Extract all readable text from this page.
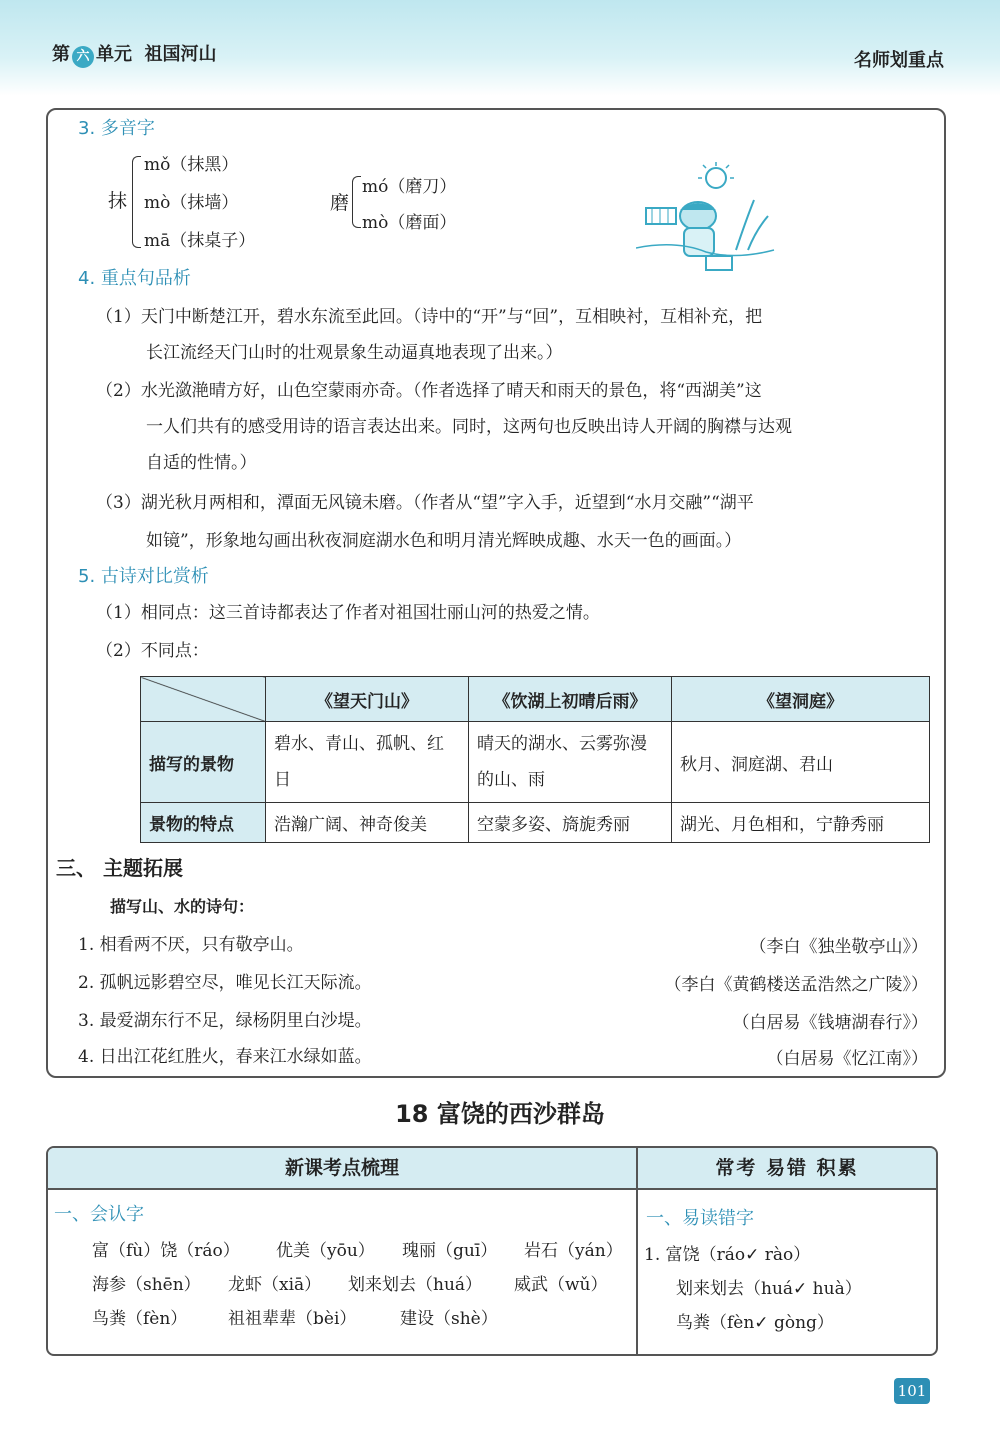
第 六 单元 祖国河山	名师划重点
3. 多音字
抹
mǒ（抹黑）
mò（抹墙）
mā（抹桌子）
磨
mó（磨刀）
mò（磨面）
4. 重点句品析
（1）天门中断楚江开，碧水东流至此回。（诗中的“开”与“回”，互相映衬，互相补充，把
长江流经天门山时的壮观景象生动逼真地表现了出来。）
（2）水光潋滟晴方好，山色空蒙雨亦奇。（作者选择了晴天和雨天的景色，将“西湖美”这
一人们共有的感受用诗的语言表达出来。同时，这两句也反映出诗人开阔的胸襟与达观
自适的性情。）
（3）湖光秋月两相和，潭面无风镜未磨。（作者从“望”字入手，近望到“水月交融”“湖平
如镜”，形象地勾画出秋夜洞庭湖水色和明月清光辉映成趣、水天一色的画面。）
5. 古诗对比赏析
（1）相同点：这三首诗都表达了作者对祖国壮丽山河的热爱之情。
（2）不同点：
	《望天门山》	《饮湖上初晴后雨》	《望洞庭》
描写的景物	碧水、青山、孤帆、红日	晴天的湖水、云雾弥漫的山、雨	秋月、洞庭湖、君山
景物的特点	浩瀚广阔、神奇俊美	空蒙多姿、旖旎秀丽	湖光、月色相和，宁静秀丽
三、 主题拓展
描写山、水的诗句：
1. 相看两不厌，只有敬亭山。	（李白《独坐敬亭山》）
2. 孤帆远影碧空尽，唯见长江天际流。	（李白《黄鹤楼送孟浩然之广陵》）
3. 最爱湖东行不足，绿杨阴里白沙堤。	（白居易《钱塘湖春行》）
4. 日出江花红胜火，春来江水绿如蓝。	（白居易《忆江南》）
18 富饶的西沙群岛
新课考点梳理	常考 易错 积累
一、会认字
富（fù）饶（ráo） 优美（yōu） 瑰丽（guī） 岩石（yán）
海参（shēn） 龙虾（xiā） 划来划去（huá） 威武（wǔ）
鸟粪（fèn） 祖祖辈辈（bèi）	建设（shè）
一、易读错字
1. 富饶（ráo✓ rào）
划来划去（huá✓ huà）
鸟粪（fèn✓ gòng）
101
